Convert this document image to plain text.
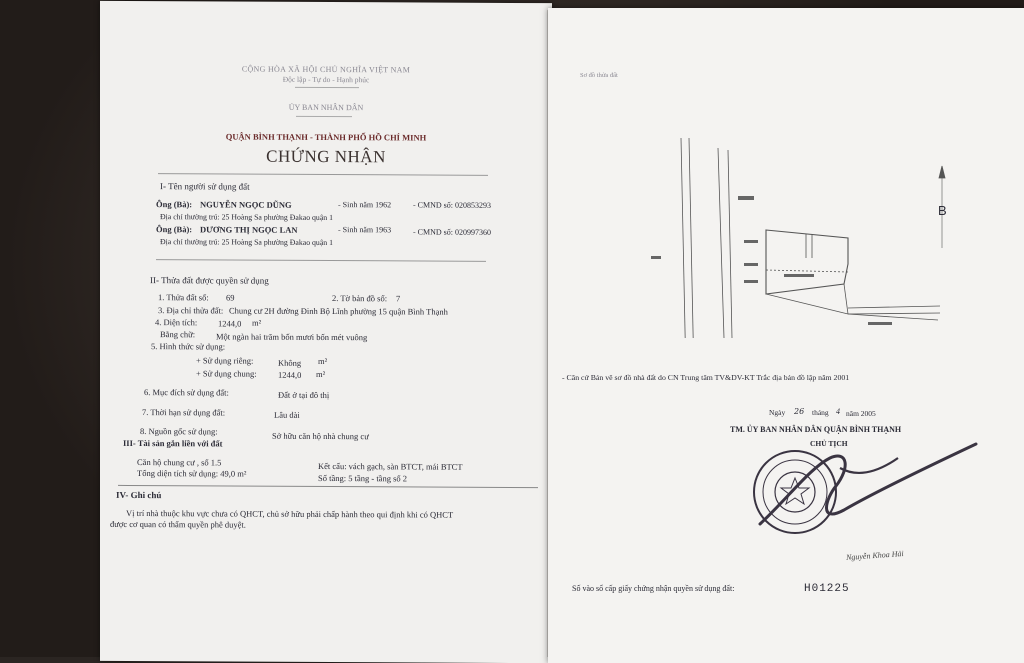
CỘNG HÒA XÃ HỘI CHỦ NGHĨA VIỆT NAM
Độc lập - Tự do - Hạnh phúc
ỦY BAN NHÂN DÂN
QUẬN BÌNH THẠNH - THÀNH PHỐ HỒ CHÍ MINH
CHỨNG NHẬN
I- Tên người sử dụng đất
Ông (Bà): NGUYỄN NGỌC DŨNG	- Sinh năm 1962	- CMND số: 020853293
Địa chỉ thường trú: 25 Hoàng Sa phường Đakao quận 1
Ông (Bà): DƯƠNG THỊ NGỌC LAN	- Sinh năm 1963	- CMND số: 020997360
Địa chỉ thường trú: 25 Hoàng Sa phường Đakao quận 1
II- Thửa đất được quyền sử dụng
1. Thửa đất số: 69	2. Tờ bản đồ số: 7
3. Địa chỉ thửa đất: Chung cư 2H đường Đinh Bộ Lĩnh phường 15 quận Bình Thạnh
4. Diện tích: 1244,0 m²
Bằng chữ: Một ngàn hai trăm bốn mươi bốn mét vuông
5. Hình thức sử dụng:
+ Sử dụng riêng:	Không m²
+ Sử dụng chung:	1244,0 m²
6. Mục đích sử dụng đất:	Đất ở tại đô thị
7. Thời hạn sử dụng đất:	Lâu dài
8. Nguồn gốc sử dụng:	Sở hữu căn hộ nhà chung cư
III- Tài sản gắn liền với đất
Căn hộ chung cư , số 1.5
Tổng diện tích sử dụng: 49,0 m²
Kết cấu: vách gạch, sàn BTCT, mái BTCT
Số tầng: 5 tầng - tầng số 2
IV- Ghi chú
Vị trí nhà thuộc khu vực chưa có QHCT, chủ sở hữu phải chấp hành theo qui định khi có QHCT
được cơ quan có thẩm quyền phê duyệt.
Sơ đồ thửa đất
B
- Căn cứ Bản vẽ sơ đồ nhà đất do CN Trung tâm TV&DV-KT Trắc địa bản đồ lập năm 2001
Ngày 26 tháng 4 năm 2005
TM. ỦY BAN NHÂN DÂN QUẬN BÌNH THẠNH
CHỦ TỊCH
Nguyễn Khoa Hải
Số vào sổ cấp giấy chứng nhận quyền sử dụng đất:	H01225
